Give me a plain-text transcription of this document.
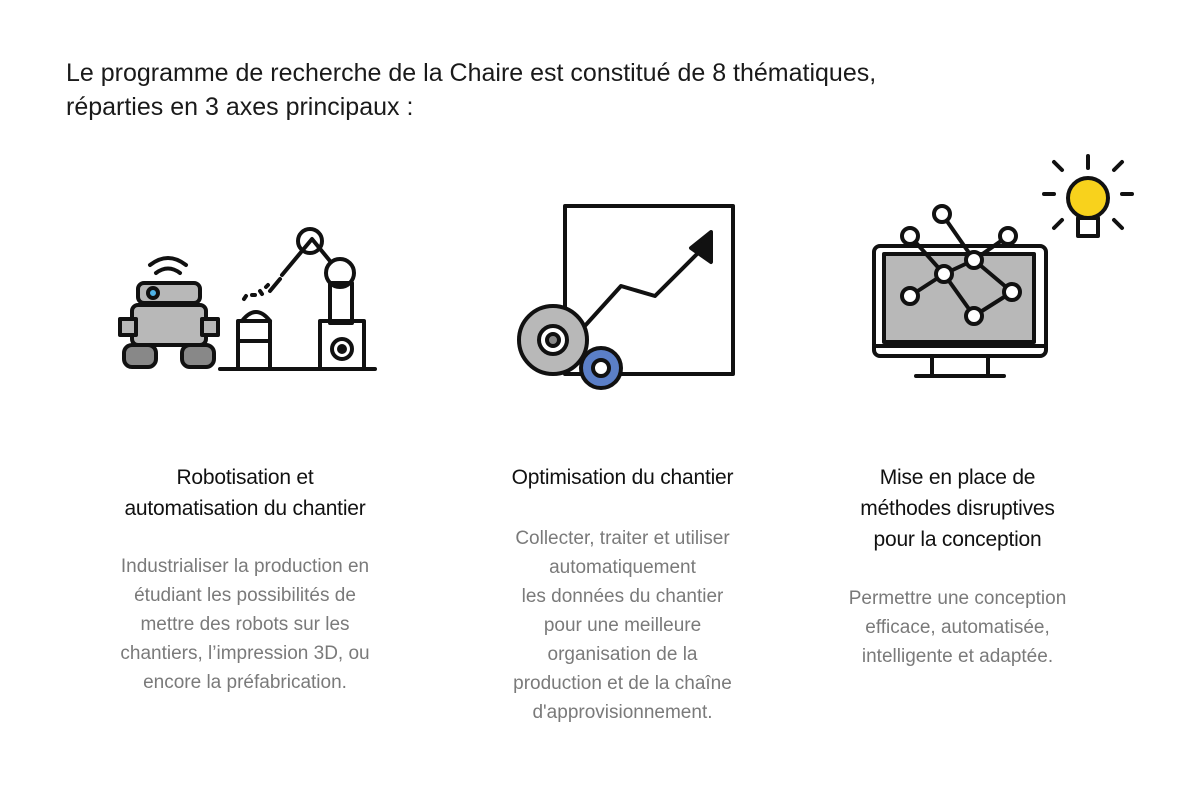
Le programme de recherche de la Chaire est constitué de 8 thématiques,
réparties en 3 axes principaux :
Robotisation et
automatisation du chantier
Industrialiser la production en
étudiant les possibilités de
mettre des robots sur les
chantiers, l’impression 3D, ou
encore la préfabrication.
Optimisation du chantier
Collecter, traiter et utiliser
automatiquement
les données du chantier
pour une meilleure
organisation de la
production et de la chaîne
d'approvisionnement.
Mise en place de
méthodes disruptives
pour la conception
Permettre une conception
efficace, automatisée,
intelligente et adaptée.
